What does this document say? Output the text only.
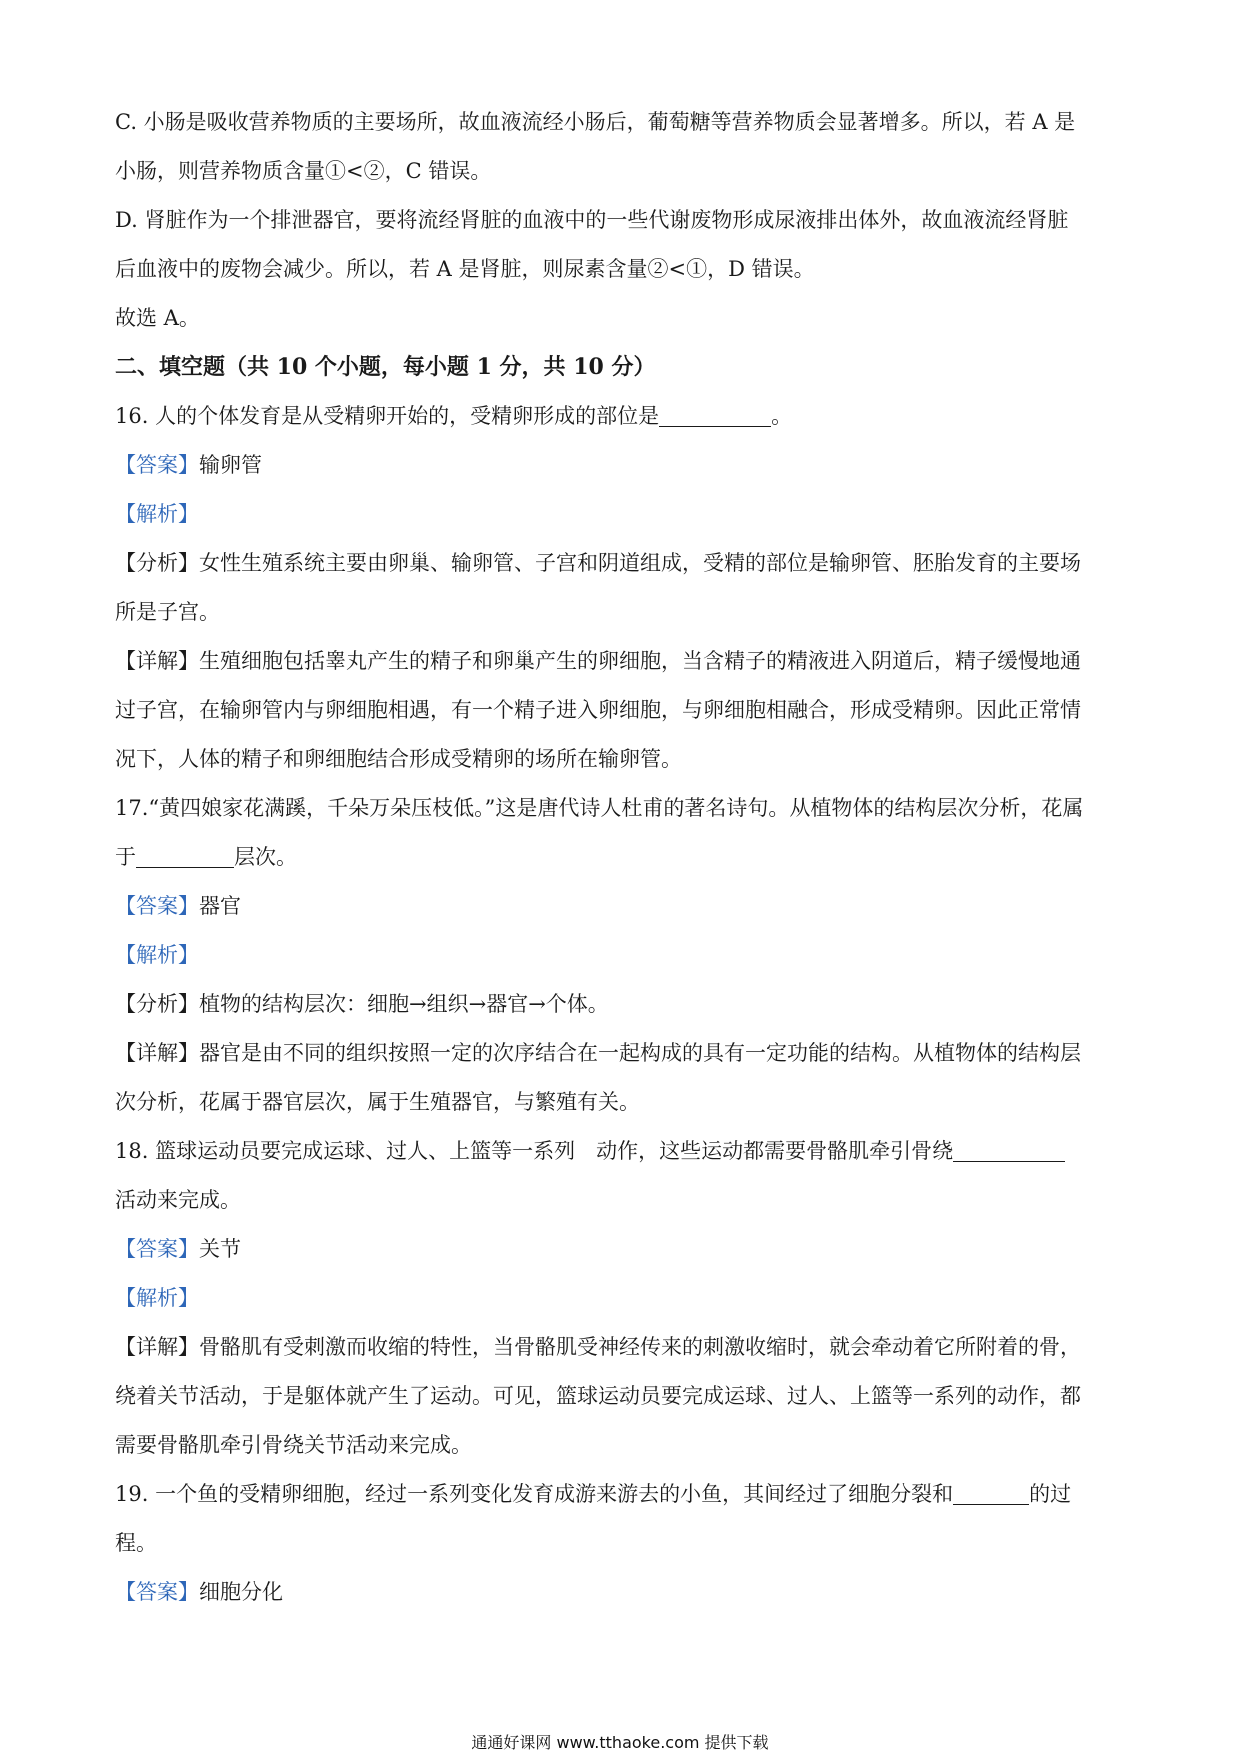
C. 小肠是吸收营养物质的主要场所，故血液流经小肠后，葡萄糖等营养物质会显著增多。所以，若 A 是
小肠，则营养物质含量①<②，C 错误。
D. 肾脏作为一个排泄器官，要将流经肾脏的血液中的一些代谢废物形成尿液排出体外，故血液流经肾脏
后血液中的废物会减少。所以，若 A 是肾脏，则尿素含量②<①，D 错误。
故选 A。
二、填空题（共 10 个小题，每小题 1 分，共 10 分）
16. 人的个体发育是从受精卵开始的，受精卵形成的部位是	。
【答案】输卵管
【解析】
【分析】女性生殖系统主要由卵巢、输卵管、子宫和阴道组成，受精的部位是输卵管、胚胎发育的主要场
所是子宫。
【详解】生殖细胞包括睾丸产生的精子和卵巢产生的卵细胞，当含精子的精液进入阴道后，精子缓慢地通
过子宫，在输卵管内与卵细胞相遇，有一个精子进入卵细胞，与卵细胞相融合，形成受精卵。因此正常情
况下，人体的精子和卵细胞结合形成受精卵的场所在输卵管。
17.“黄四娘家花满蹊，千朵万朵压枝低。”这是唐代诗人杜甫的著名诗句。从植物体的结构层次分析，花属
于	层次。
【答案】器官
【解析】
【分析】植物的结构层次：细胞→组织→器官→个体。
【详解】器官是由不同的组织按照一定的次序结合在一起构成的具有一定功能的结构。从植物体的结构层
次分析，花属于器官层次，属于生殖器官，与繁殖有关。
18. 篮球运动员要完成运球、过人、上篮等一系列　动作，这些运动都需要骨骼肌牵引骨绕
活动来完成。
【答案】关节
【解析】
【详解】骨骼肌有受刺激而收缩的特性，当骨骼肌受神经传来的刺激收缩时，就会牵动着它所附着的骨，
绕着关节活动，于是躯体就产生了运动。可见，篮球运动员要完成运球、过人、上篮等一系列的动作，都
需要骨骼肌牵引骨绕关节活动来完成。
19. 一个鱼的受精卵细胞，经过一系列变化发育成游来游去的小鱼，其间经过了细胞分裂和	的过
程。
【答案】细胞分化
通通好课网 www.tthaoke.com 提供下载
